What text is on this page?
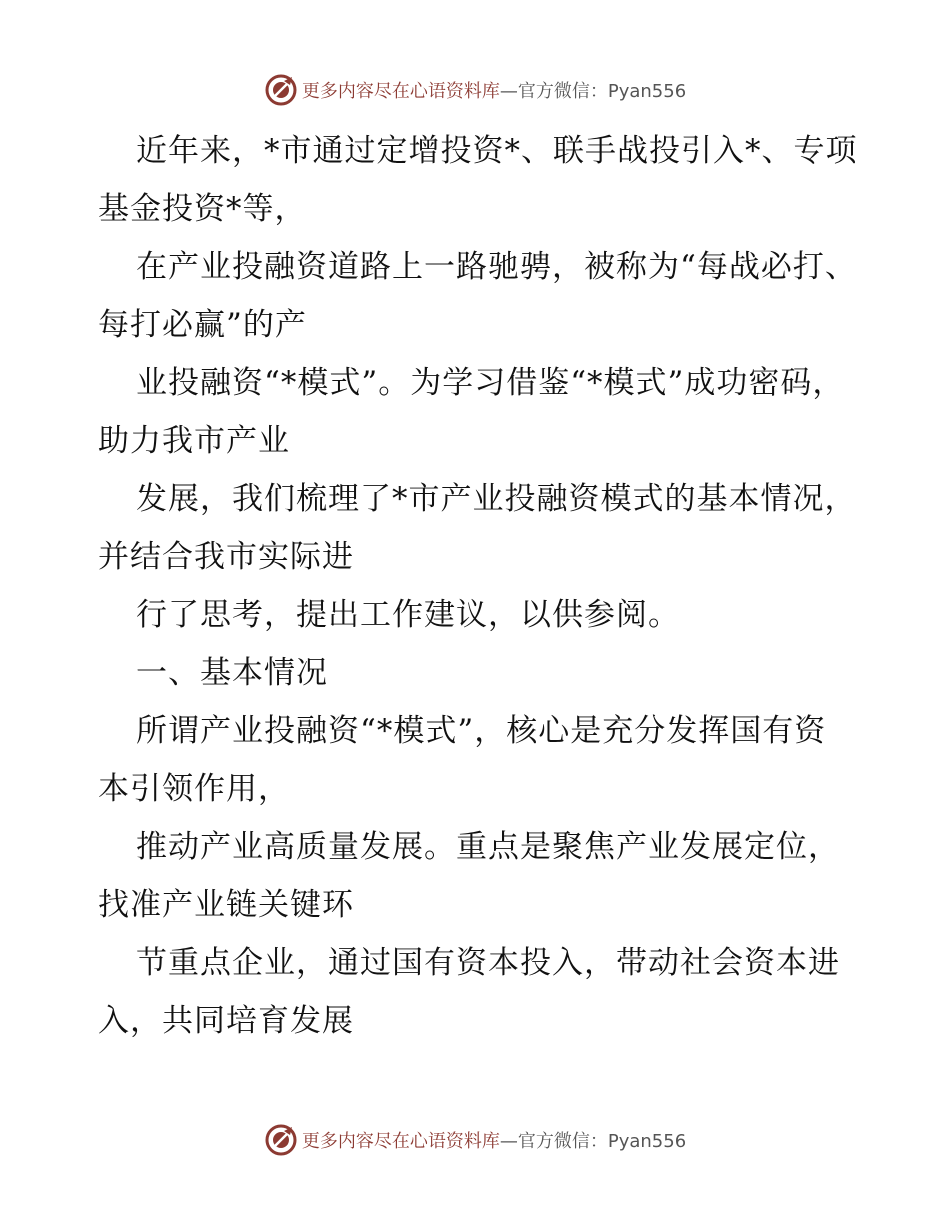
更多内容尽在心语资料库—官方微信：Pyan556

近年来，*市通过定增投资*、联手战投引入*、专项基金投资*等，

在产业投融资道路上一路驰骋，被称为“每战必打、每打必赢”的产

业投融资“*模式”。为学习借鉴“*模式”成功密码，助力我市产业

发展，我们梳理了*市产业投融资模式的基本情况，并结合我市实际进

行了思考，提出工作建议，以供参阅。

一、基本情况

所谓产业投融资“*模式”，核心是充分发挥国有资本引领作用，

推动产业高质量发展。重点是聚焦产业发展定位，找准产业链关键环

节重点企业，通过国有资本投入，带动社会资本进入，共同培育发展

更多内容尽在心语资料库—官方微信：Pyan556
